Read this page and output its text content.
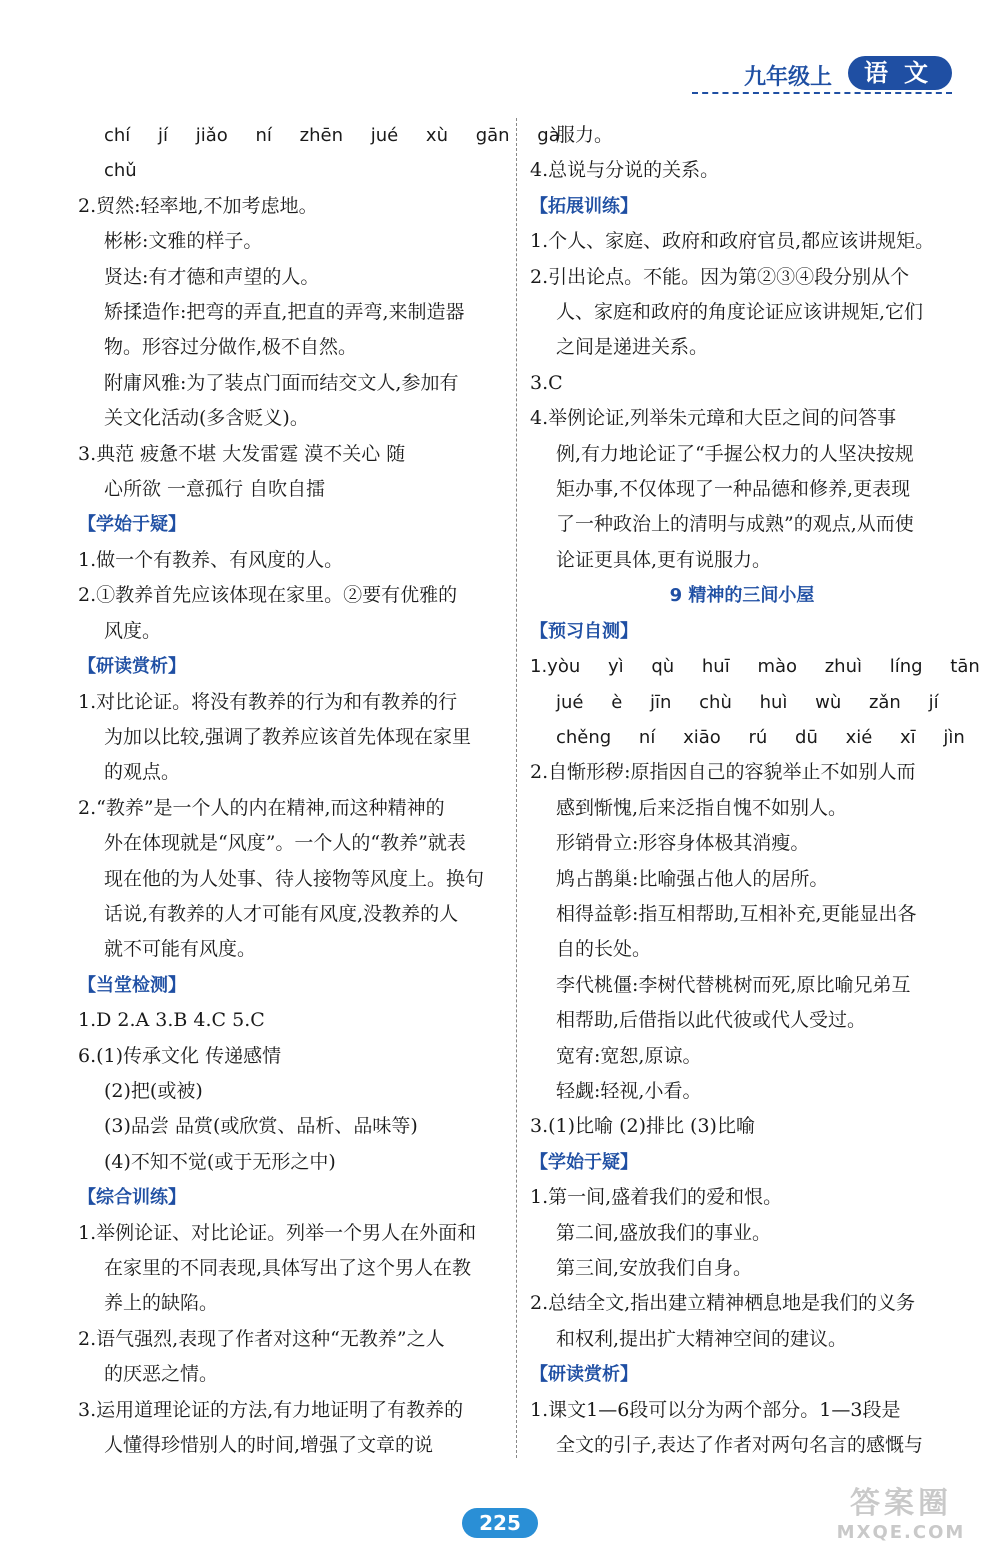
九年级上	语文
chí jí jiǎo ní zhēn jué xù gān gà
chǔ
2.贸然:轻率地,不加考虑地。
彬彬:文雅的样子。
贤达:有才德和声望的人。
矫揉造作:把弯的弄直,把直的弄弯,来制造器
物。形容过分做作,极不自然。
附庸风雅:为了装点门面而结交文人,参加有
关文化活动(多含贬义)。
3.典范 疲惫不堪 大发雷霆 漠不关心 随
心所欲 一意孤行 自吹自擂
【学始于疑】
1.做一个有教养、有风度的人。
2.①教养首先应该体现在家里。②要有优雅的
风度。
【研读赏析】
1.对比论证。将没有教养的行为和有教养的行
为加以比较,强调了教养应该首先体现在家里
的观点。
2.“教养”是一个人的内在精神,而这种精神的
外在体现就是“风度”。一个人的“教养”就表
现在他的为人处事、待人接物等风度上。换句
话说,有教养的人才可能有风度,没教养的人
就不可能有风度。
【当堂检测】
1.D 2.A 3.B 4.C 5.C
6.(1)传承文化 传递感情
(2)把(或被)
(3)品尝 品赏(或欣赏、品析、品味等)
(4)不知不觉(或于无形之中)
【综合训练】
1.举例论证、对比论证。列举一个男人在外面和
在家里的不同表现,具体写出了这个男人在教
养上的缺陷。
2.语气强烈,表现了作者对这种“无教养”之人
的厌恶之情。
3.运用道理论证的方法,有力地证明了有教养的
人懂得珍惜别人的时间,增强了文章的说
服力。
4.总说与分说的关系。
【拓展训练】
1.个人、家庭、政府和政府官员,都应该讲规矩。
2.引出论点。不能。因为第②③④段分别从个
人、家庭和政府的角度论证应该讲规矩,它们
之间是递进关系。
3.C
4.举例论证,列举朱元璋和大臣之间的问答事
例,有力地论证了“手握公权力的人坚决按规
矩办事,不仅体现了一种品德和修养,更表现
了一种政治上的清明与成熟”的观点,从而使
论证更具体,更有说服力。
9 精神的三间小屋
【预习自测】
1.yòu yì qù huī mào zhuì líng tān
jué è jīn chù huì wù zǎn jí
chěng ní xiāo rú dū xié xī jìn
2.自惭形秽:原指因自己的容貌举止不如别人而
感到惭愧,后来泛指自愧不如别人。
形销骨立:形容身体极其消瘦。
鸠占鹊巢:比喻强占他人的居所。
相得益彰:指互相帮助,互相补充,更能显出各
自的长处。
李代桃僵:李树代替桃树而死,原比喻兄弟互
相帮助,后借指以此代彼或代人受过。
宽宥:宽恕,原谅。
轻觑:轻视,小看。
3.(1)比喻 (2)排比 (3)比喻
【学始于疑】
1.第一间,盛着我们的爱和恨。
第二间,盛放我们的事业。
第三间,安放我们自身。
2.总结全文,指出建立精神栖息地是我们的义务
和权利,提出扩大精神空间的建议。
【研读赏析】
1.课文1—6段可以分为两个部分。1—3段是
全文的引子,表达了作者对两句名言的感慨与
225
答案圈
MXQE.COM
